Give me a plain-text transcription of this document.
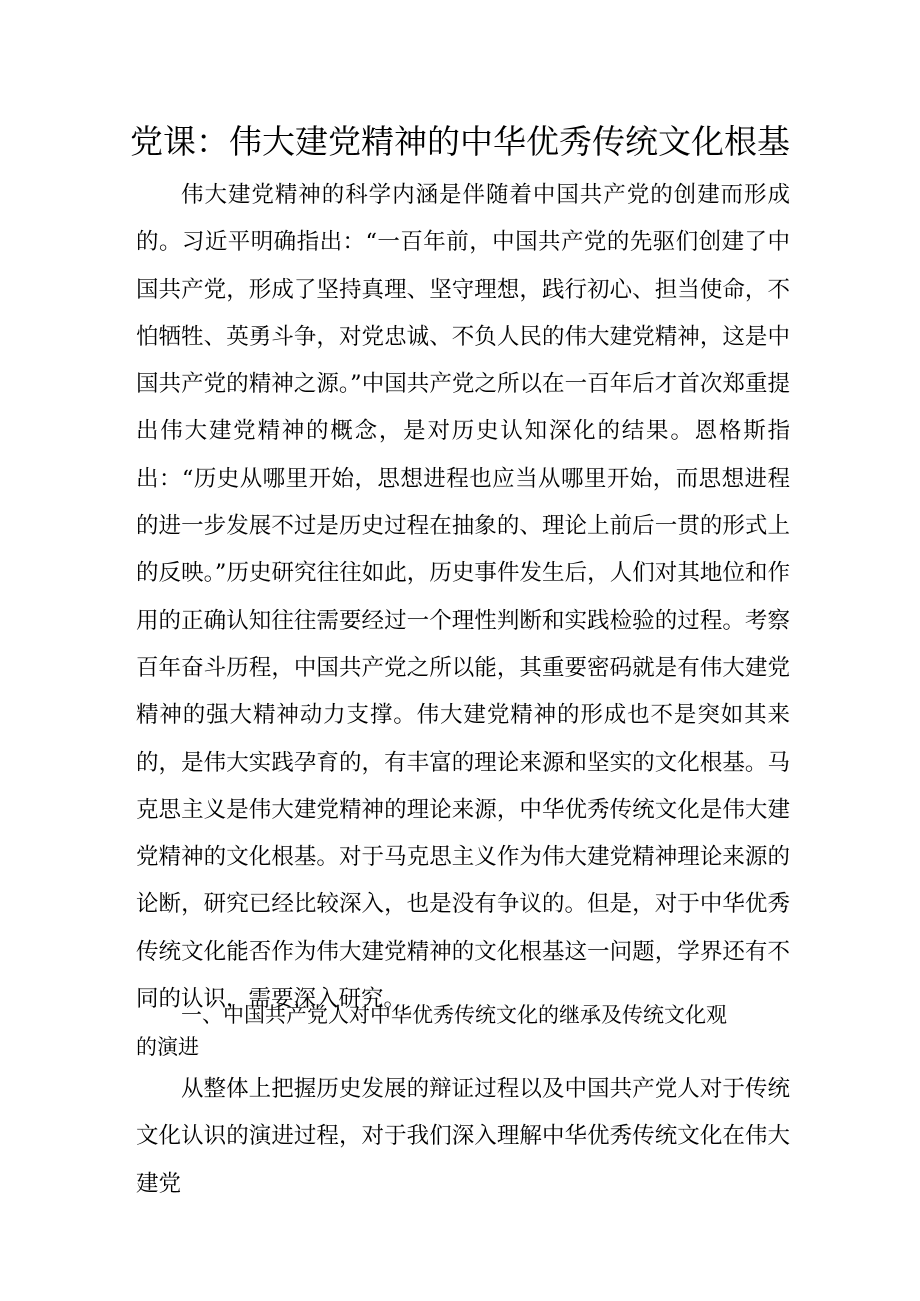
党课：伟大建党精神的中华优秀传统文化根基

伟大建党精神的科学内涵是伴随着中国共产党的创建而形成的。习近平明确指出：“一百年前，中国共产党的先驱们创建了中国共产党，形成了坚持真理、坚守理想，践行初心、担当使命，不怕牺牲、英勇斗争，对党忠诚、不负人民的伟大建党精神，这是中国共产党的精神之源。”中国共产党之所以在一百年后才首次郑重提出伟大建党精神的概念，是对历史认知深化的结果。恩格斯指出：“历史从哪里开始，思想进程也应当从哪里开始，而思想进程的进一步发展不过是历史过程在抽象的、理论上前后一贯的形式上的反映。”历史研究往往如此，历史事件发生后，人们对其地位和作用的正确认知往往需要经过一个理性判断和实践检验的过程。考察百年奋斗历程，中国共产党之所以能，其重要密码就是有伟大建党精神的强大精神动力支撑。伟大建党精神的形成也不是突如其来的，是伟大实践孕育的，有丰富的理论来源和坚实的文化根基。马克思主义是伟大建党精神的理论来源，中华优秀传统文化是伟大建党精神的文化根基。对于马克思主义作为伟大建党精神理论来源的论断，研究已经比较深入，也是没有争议的。但是，对于中华优秀传统文化能否作为伟大建党精神的文化根基这一问题，学界还有不同的认识，需要深入研究。

一、中国共产党人对中华优秀传统文化的继承及传统文化观的演进

从整体上把握历史发展的辩证过程以及中国共产党人对于传统文化认识的演进过程，对于我们深入理解中华优秀传统文化在伟大建党
